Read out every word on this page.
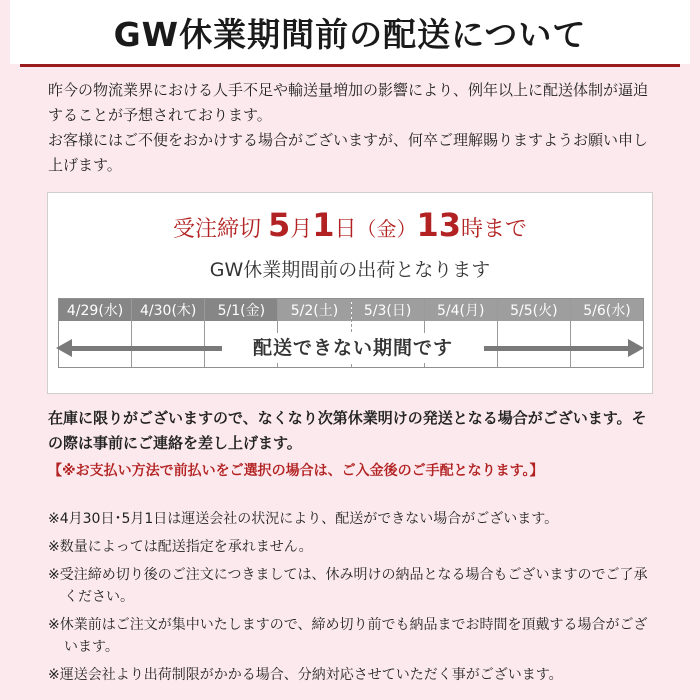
GW休業期間前の配送について

昨今の物流業界における人手不足や輸送量増加の影響により、例年以上に配送体制が逼迫することが予想されております。

お客様にはご不便をおかけする場合がございますが、何卒ご理解賜りますようお願い申し上げます。

受注締切 5月1日（金）13時まで
GW休業期間前の出荷となります
4/29(水)	4/30(木)	5/1(金)	5/2(土)	5/3(日)	5/4(月)	5/5(火)	5/6(水)
配送できない期間です

在庫に限りがございますので、なくなり次第休業明けの発送となる場合がございます。その際は事前にご連絡を差し上げます。

【※お支払い方法で前払いをご選択の場合は、ご入金後のご手配となります。】
※4月30日･5月1日は運送会社の状況により、配送ができない場合がございます。
※数量によっては配送指定を承れません。
※受注締め切り後のご注文につきましては、休み明けの納品となる場合もございますのでご了承ください。
※休業前はご注文が集中いたしますので、締め切り前でも納品までお時間を頂戴する場合がございます。
※運送会社より出荷制限がかかる場合、分納対応させていただく事がございます。
